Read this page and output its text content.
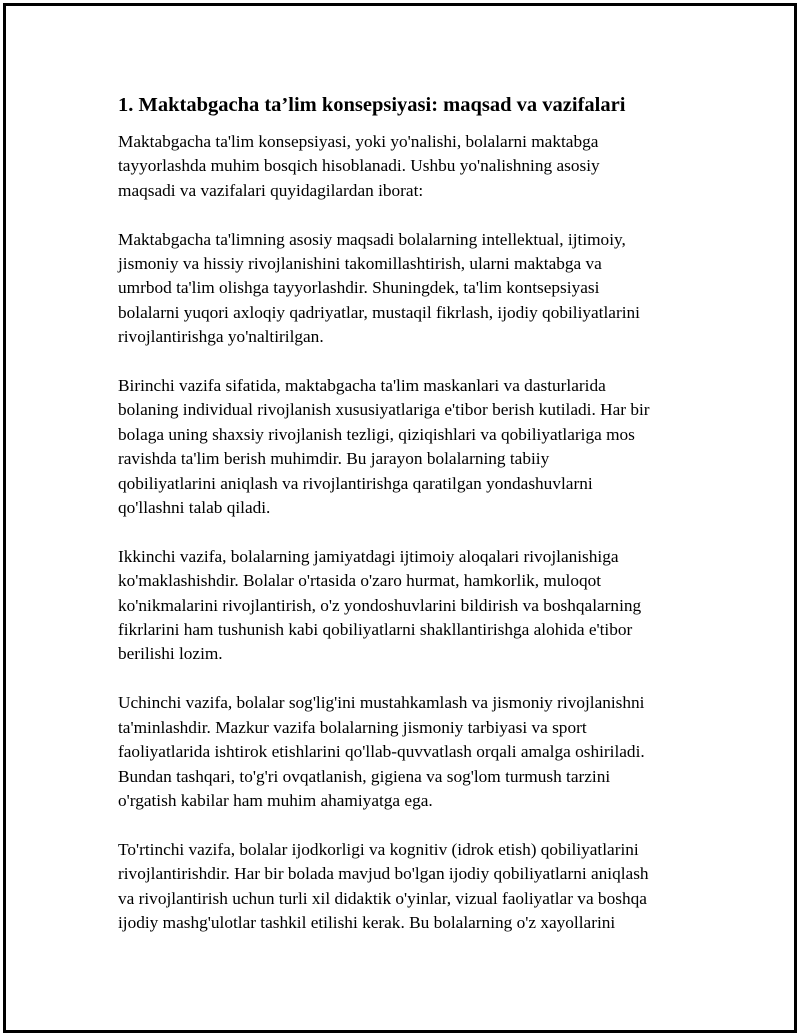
1. Maktabgacha ta’lim konsepsiyasi: maqsad va vazifalari
Maktabgacha ta'lim konsepsiyasi, yoki yo'nalishi, bolalarni maktabga
tayyorlashda muhim bosqich hisoblanadi. Ushbu yo'nalishning asosiy
maqsadi va vazifalari quyidagilardan iborat:
Maktabgacha ta'limning asosiy maqsadi bolalarning intellektual, ijtimoiy,
jismoniy va hissiy rivojlanishini takomillashtirish, ularni maktabga va
umrbod ta'lim olishga tayyorlashdir. Shuningdek, ta'lim kontsepsiyasi
bolalarni yuqori axloqiy qadriyatlar, mustaqil fikrlash, ijodiy qobiliyatlarini
rivojlantirishga yo'naltirilgan.
Birinchi vazifa sifatida, maktabgacha ta'lim maskanlari va dasturlarida
bolaning individual rivojlanish xususiyatlariga e'tibor berish kutiladi. Har bir
bolaga uning shaxsiy rivojlanish tezligi, qiziqishlari va qobiliyatlariga mos
ravishda ta'lim berish muhimdir. Bu jarayon bolalarning tabiiy
qobiliyatlarini aniqlash va rivojlantirishga qaratilgan yondashuvlarni
qo'llashni talab qiladi.
Ikkinchi vazifa, bolalarning jamiyatdagi ijtimoiy aloqalari rivojlanishiga
ko'maklashishdir. Bolalar o'rtasida o'zaro hurmat, hamkorlik, muloqot
ko'nikmalarini rivojlantirish, o'z yondoshuvlarini bildirish va boshqalarning
fikrlarini ham tushunish kabi qobiliyatlarni shakllantirishga alohida e'tibor
berilishi lozim.
Uchinchi vazifa, bolalar sog'lig'ini mustahkamlash va jismoniy rivojlanishni
ta'minlashdir. Mazkur vazifa bolalarning jismoniy tarbiyasi va sport
faoliyatlarida ishtirok etishlarini qo'llab-quvvatlash orqali amalga oshiriladi.
Bundan tashqari, to'g'ri ovqatlanish, gigiena va sog'lom turmush tarzini
o'rgatish kabilar ham muhim ahamiyatga ega.
To'rtinchi vazifa, bolalar ijodkorligi va kognitiv (idrok etish) qobiliyatlarini
rivojlantirishdir. Har bir bolada mavjud bo'lgan ijodiy qobiliyatlarni aniqlash
va rivojlantirish uchun turli xil didaktik o'yinlar, vizual faoliyatlar va boshqa
ijodiy mashg'ulotlar tashkil etilishi kerak. Bu bolalarning o'z xayollarini
